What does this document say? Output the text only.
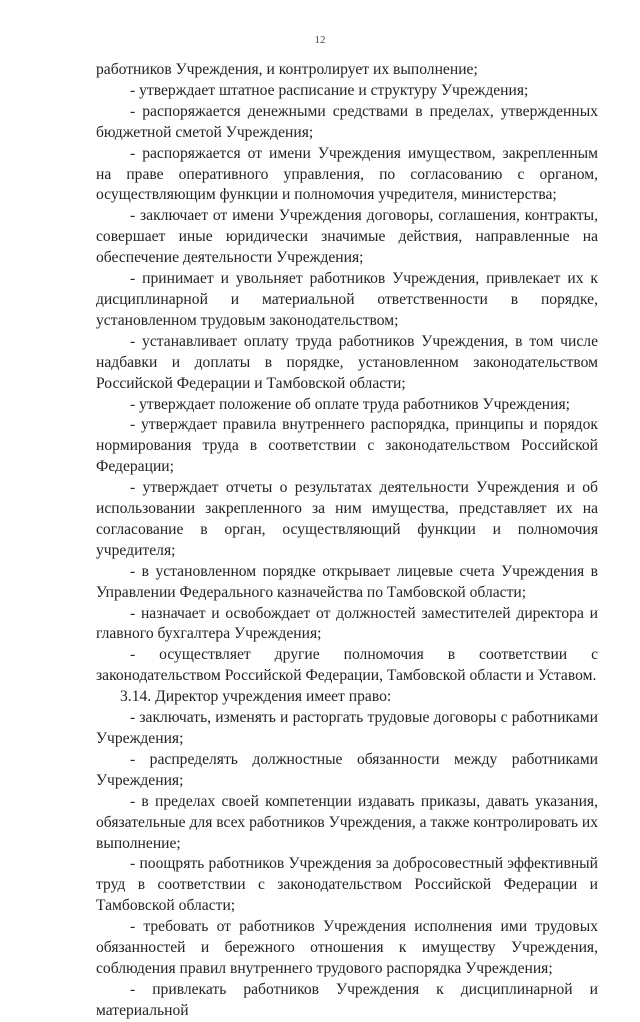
12

работников Учреждения, и контролирует их выполнение;

- утверждает штатное расписание и структуру Учреждения;

- распоряжается денежными средствами в пределах, утвержденных бюджетной сметой Учреждения;

- распоряжается от имени Учреждения имуществом, закрепленным на праве оперативного управления, по согласованию с органом, осуществляющим функции и полномочия учредителя, министерства;

- заключает от имени Учреждения договоры, соглашения, контракты, совершает иные юридически значимые действия, направленные на обеспечение деятельности Учреждения;

- принимает и увольняет работников Учреждения, привлекает их к дисциплинарной и материальной ответственности в порядке, установленном трудовым законодательством;

- устанавливает оплату труда работников Учреждения, в том числе надбавки и доплаты в порядке, установленном законодательством Российской Федерации и Тамбовской области;

- утверждает положение об оплате труда работников Учреждения;

- утверждает правила внутреннего распорядка, принципы и порядок нормирования труда в соответствии с законодательством Российской Федерации;

- утверждает отчеты о результатах деятельности Учреждения и об использовании закрепленного за ним имущества, представляет их на согласование в орган, осуществляющий функции и полномочия учредителя;

- в установленном порядке открывает лицевые счета Учреждения в Управлении Федерального казначейства по Тамбовской области;

- назначает и освобождает от должностей заместителей директора и главного бухгалтера Учреждения;

- осуществляет другие полномочия в соответствии с законодательством Российской Федерации, Тамбовской области и Уставом.

3.14. Директор учреждения имеет право:

- заключать, изменять и расторгать трудовые договоры с работниками Учреждения;

- распределять должностные обязанности между работниками Учреждения;

- в пределах своей компетенции издавать приказы, давать указания, обязательные для всех работников Учреждения, а также контролировать их выполнение;

- поощрять работников Учреждения за добросовестный эффективный труд в соответствии с законодательством Российской Федерации и Тамбовской области;

- требовать от работников Учреждения исполнения ими трудовых обязанностей и бережного отношения к имуществу Учреждения, соблюдения правил внутреннего трудового распорядка Учреждения;

- привлекать работников Учреждения к дисциплинарной и материальной
